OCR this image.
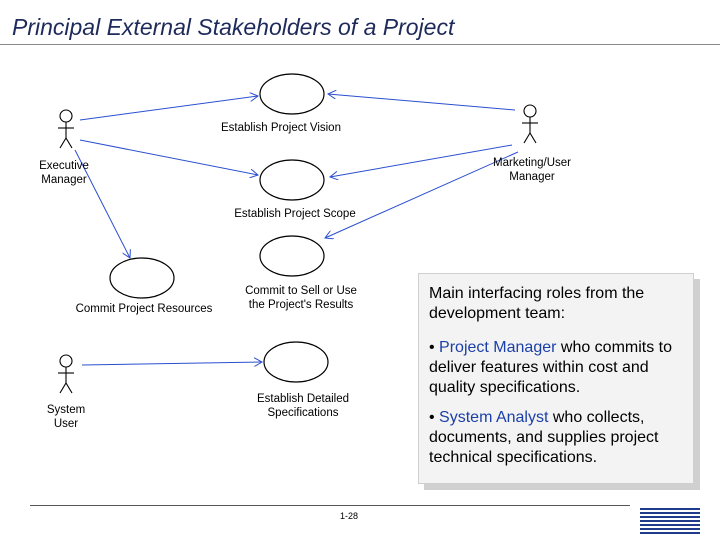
Principal External Stakeholders of a Project
Executive
Manager
Marketing/User
Manager
System
User
Establish Project Vision
Establish Project Scope
Commit to Sell or Use
the Project's Results
Commit Project Resources
Establish Detailed
Specifications

Main interfacing roles from the development team:

• Project Manager who commits to deliver features within cost and quality specifications.

• System Analyst who collects, documents, and supplies project technical specifications.

1-28	IBM
